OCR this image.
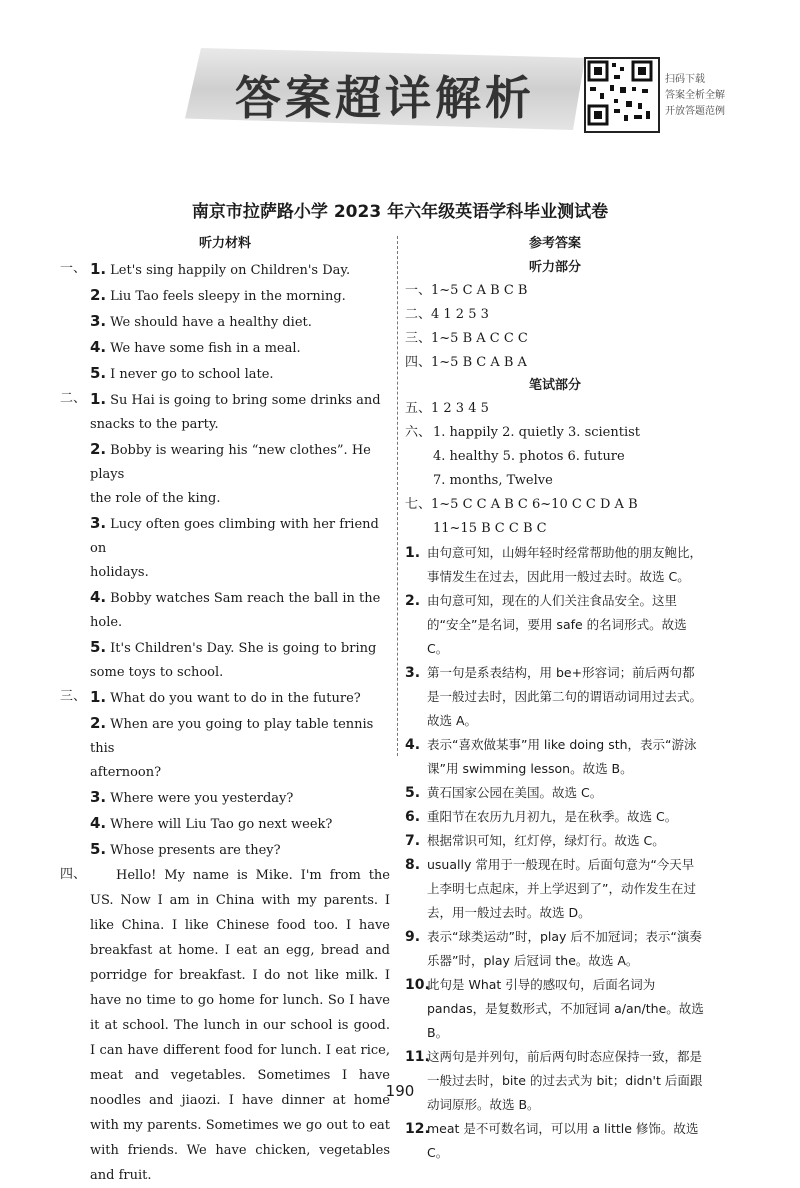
答案超详解析	扫码下载
答案全析全解
开放答题范例
南京市拉萨路小学 2023 年六年级英语学科毕业测试卷
听力材料
一、 1. Let's sing happily on Children's Day.
2. Liu Tao feels sleepy in the morning.
3. We should have a healthy diet.
4. We have some fish in a meal.
5. I never go to school late.
二、 1. Su Hai is going to bring some drinks and
snacks to the party.
2. Bobby is wearing his “new clothes”. He plays
the role of the king.
3. Lucy often goes climbing with her friend on
holidays.
4. Bobby watches Sam reach the ball in the
hole.
5. It's Children's Day. She is going to bring
some toys to school.
三、 1. What do you want to do in the future?
2. When are you going to play table tennis this
afternoon?
3. Where were you yesterday?
4. Where will Liu Tao go next week?
5. Whose presents are they?
四、	Hello! My name is Mike. I'm from the US. Now I am in China with my parents. I like China. I like Chinese food too. I have breakfast at home. I eat an egg, bread and porridge for breakfast. I do not like milk. I have no time to go home for lunch. So I have it at school. The lunch in our school is good. I can have different food for lunch. I eat rice, meat and vegetables. Sometimes I have noodles and jiaozi. I have dinner at home with my parents. Sometimes we go out to eat with friends. We have chicken, vegetables and fruit.
参考答案
听力部分
一、1~5 C A B C B
二、4 1 2 5 3
三、1~5 B A C C C
四、1~5 B C A B A
笔试部分
五、1 2 3 4 5
六、 1. happily 2. quietly 3. scientist
4. healthy 5. photos 6. future
7. months, Twelve
七、1~5 C C A B C 6~10 C C D A B
11~15 B C C B C
1. 由句意可知，山姆年轻时经常帮助他的朋友鲍比，事情发生在过去，因此用一般过去时。故选 C。
2. 由句意可知，现在的人们关注食品安全。这里的“安全”是名词，要用 safe 的名词形式。故选 C。
3. 第一句是系表结构，用 be+形容词；前后两句都是一般过去时，因此第二句的谓语动词用过去式。故选 A。
4. 表示“喜欢做某事”用 like doing sth，表示“游泳课”用 swimming lesson。故选 B。
5. 黄石国家公园在美国。故选 C。
6. 重阳节在农历九月初九，是在秋季。故选 C。
7. 根据常识可知，红灯停，绿灯行。故选 C。
8. usually 常用于一般现在时。后面句意为“今天早上李明七点起床，并上学迟到了”，动作发生在过去，用一般过去时。故选 D。
9. 表示“球类运动”时，play 后不加冠词；表示“演奏乐器”时，play 后冠词 the。故选 A。
10.
此句是 What 引导的感叹句，后面名词为 pandas，是复数形式，不加冠词 a/an/the。故选 B。
11.
这两句是并列句，前后两句时态应保持一致，都是一般过去时，bite 的过去式为 bit；didn't 后面跟动词原形。故选 B。
12.
meat 是不可数名词，可以用 a little 修饰。故选 C。
190
